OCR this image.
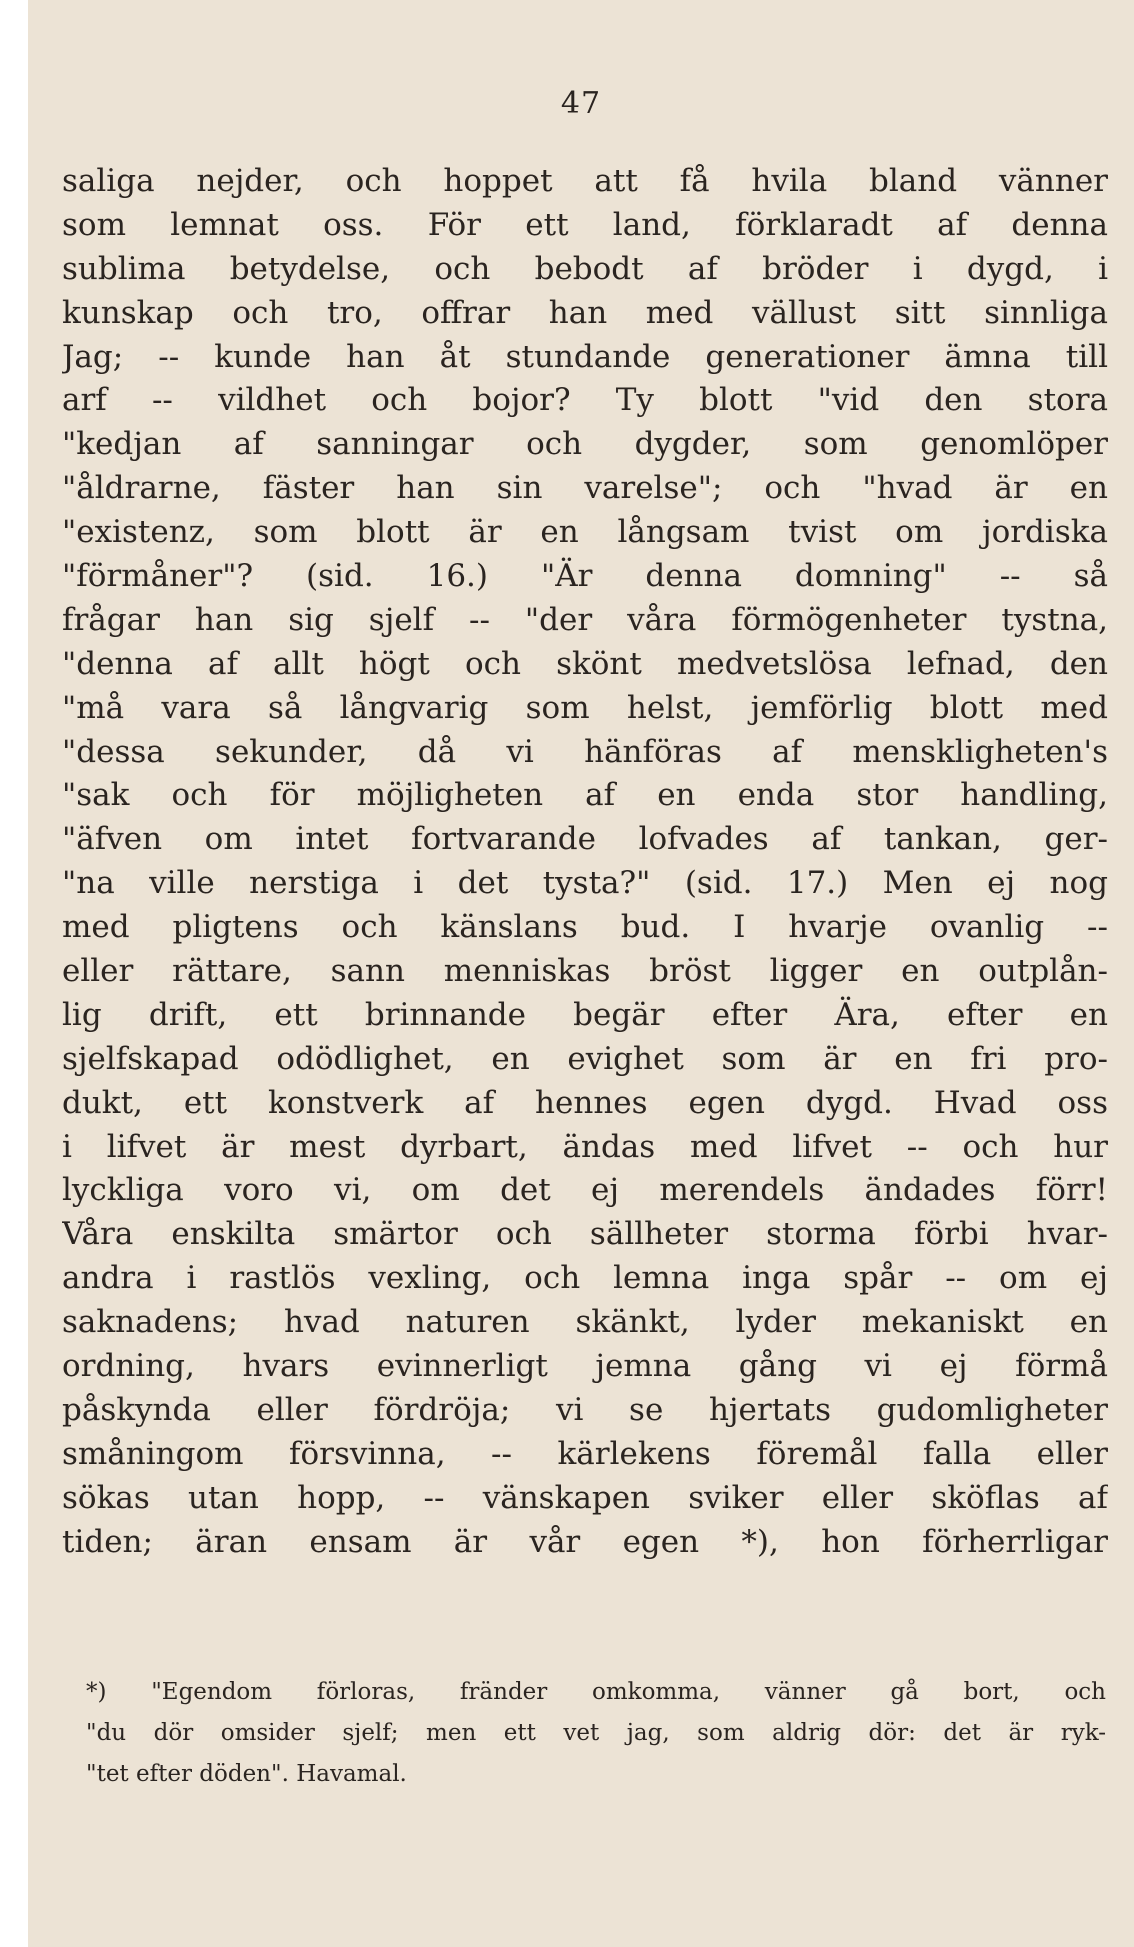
47
saliga nejder, och hoppet att få hvila bland vänner
som lemnat oss. För ett land, förklaradt af denna
sublima betydelse, och bebodt af bröder i dygd, i
kunskap och tro, offrar han med vällust sitt sinnliga
Jag; -- kunde han åt stundande generationer ämna till
arf -- vildhet och bojor? Ty blott "vid den stora
"kedjan af sanningar och dygder, som genomlöper
"åldrarne, fäster han sin varelse"; och "hvad är en
"existenz, som blott är en långsam tvist om jordiska
"förmåner"? (sid. 16.) "Är denna domning" -- så
frågar han sig sjelf -- "der våra förmögenheter tystna,
"denna af allt högt och skönt medvetslösa lefnad, den
"må vara så långvarig som helst, jemförlig blott med
"dessa sekunder, då vi hänföras af menskligheten's
"sak och för möjligheten af en enda stor handling,
"äfven om intet fortvarande lofvades af tankan, ger-
"na ville nerstiga i det tysta?" (sid. 17.) Men ej nog
med pligtens och känslans bud. I hvarje ovanlig --
eller rättare, sann menniskas bröst ligger en outplån-
lig drift, ett brinnande begär efter Ära, efter en
sjelfskapad odödlighet, en evighet som är en fri pro-
dukt, ett konstverk af hennes egen dygd. Hvad oss
i lifvet är mest dyrbart, ändas med lifvet -- och hur
lyckliga voro vi, om det ej merendels ändades förr!
Våra enskilta smärtor och sällheter storma förbi hvar-
andra i rastlös vexling, och lemna inga spår -- om ej
saknadens; hvad naturen skänkt, lyder mekaniskt en
ordning, hvars evinnerligt jemna gång vi ej förmå
påskynda eller fördröja; vi se hjertats gudomligheter
småningom försvinna, -- kärlekens föremål falla eller
sökas utan hopp, -- vänskapen sviker eller sköflas af
tiden; äran ensam är vår egen *), hon förherrligar
*) "Egendom förloras, fränder omkomma, vänner gå bort, och
"du dör omsider sjelf; men ett vet jag, som aldrig dör: det är ryk-
"tet efter döden". Havamal.
